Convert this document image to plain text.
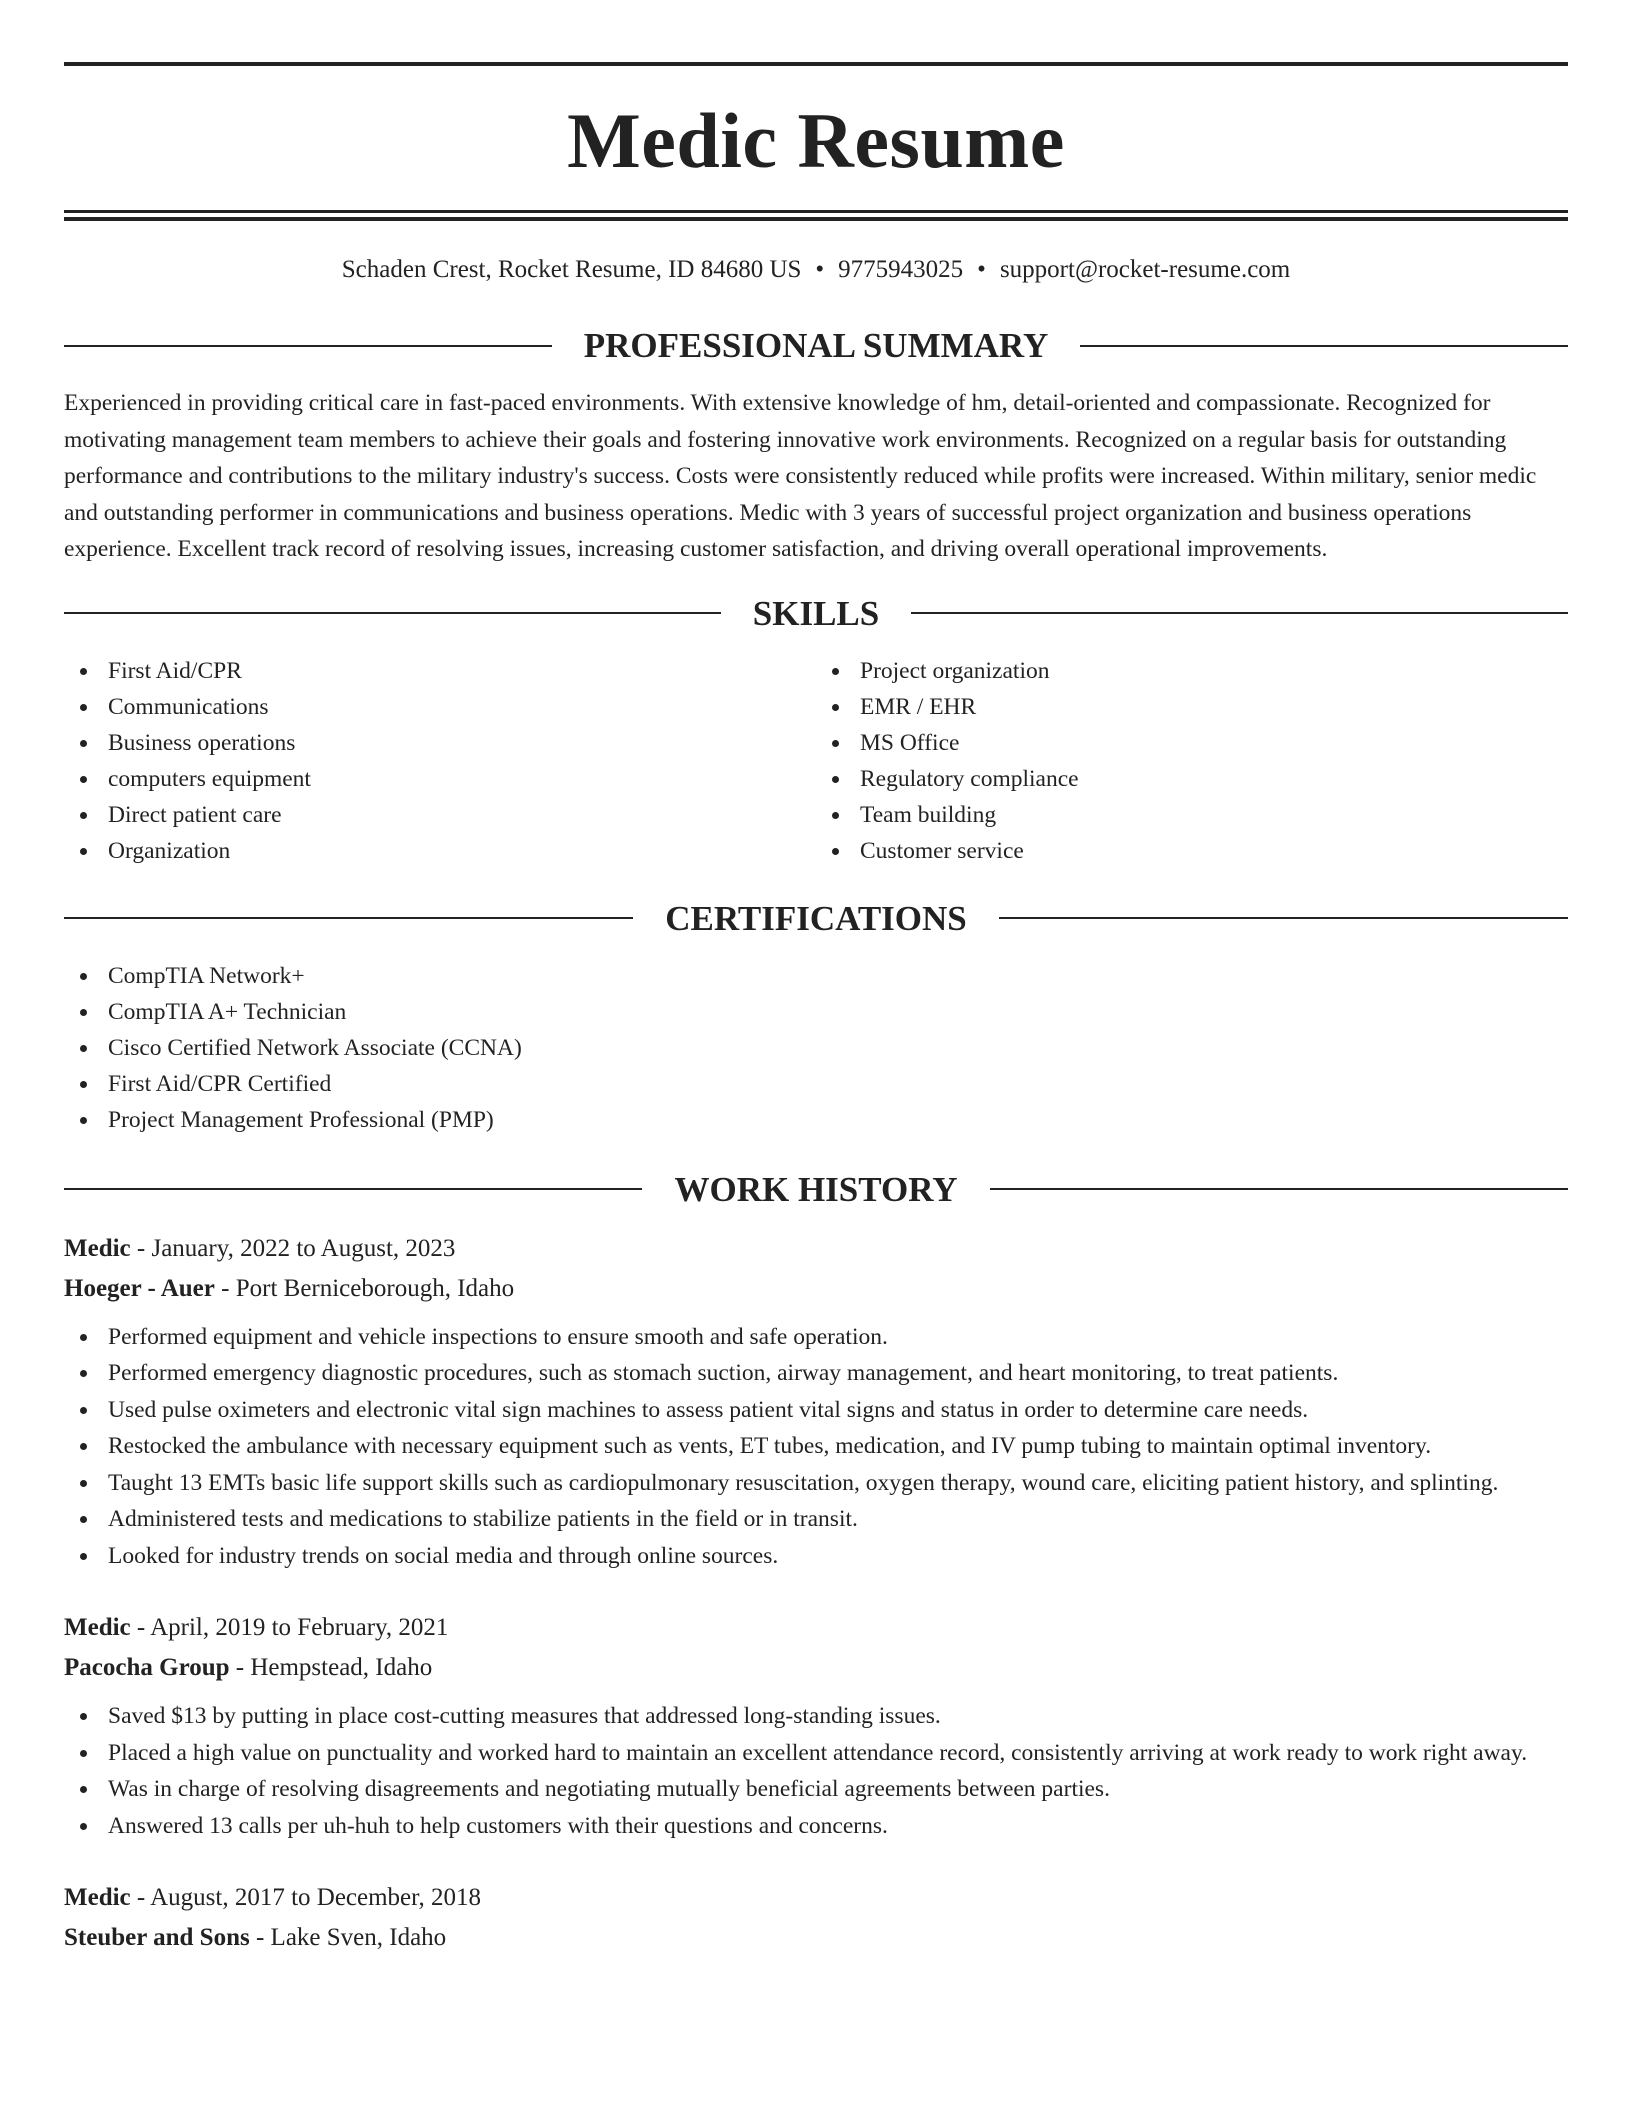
Medic Resume
Schaden Crest, Rocket Resume, ID 84680 US • 9775943025 • support@rocket-resume.com
PROFESSIONAL SUMMARY

Experienced in providing critical care in fast-paced environments. With extensive knowledge of hm, detail-oriented and compassionate. Recognized for motivating management team members to achieve their goals and fostering innovative work environments. Recognized on a regular basis for outstanding performance and contributions to the military industry's success. Costs were consistently reduced while profits were increased. Within military, senior medic and outstanding performer in communications and business operations. Medic with 3 years of successful project organization and business operations experience. Excellent track record of resolving issues, increasing customer satisfaction, and driving overall operational improvements.

SKILLS
First Aid/CPR
Communications
Business operations
computers equipment
Direct patient care
Organization
Project organization
EMR / EHR
MS Office
Regulatory compliance
Team building
Customer service
CERTIFICATIONS
CompTIA Network+
CompTIA A+ Technician
Cisco Certified Network Associate (CCNA)
First Aid/CPR Certified
Project Management Professional (PMP)
WORK HISTORY
Medic - January, 2022 to August, 2023
Hoeger - Auer - Port Berniceborough, Idaho
Performed equipment and vehicle inspections to ensure smooth and safe operation.
Performed emergency diagnostic procedures, such as stomach suction, airway management, and heart monitoring, to treat patients.
Used pulse oximeters and electronic vital sign machines to assess patient vital signs and status in order to determine care needs.
Restocked the ambulance with necessary equipment such as vents, ET tubes, medication, and IV pump tubing to maintain optimal inventory.
Taught 13 EMTs basic life support skills such as cardiopulmonary resuscitation, oxygen therapy, wound care, eliciting patient history, and splinting.
Administered tests and medications to stabilize patients in the field or in transit.
Looked for industry trends on social media and through online sources.
Medic - April, 2019 to February, 2021
Pacocha Group - Hempstead, Idaho
Saved $13 by putting in place cost-cutting measures that addressed long-standing issues.
Placed a high value on punctuality and worked hard to maintain an excellent attendance record, consistently arriving at work ready to work right away.
Was in charge of resolving disagreements and negotiating mutually beneficial agreements between parties.
Answered 13 calls per uh-huh to help customers with their questions and concerns.
Medic - August, 2017 to December, 2018
Steuber and Sons - Lake Sven, Idaho
